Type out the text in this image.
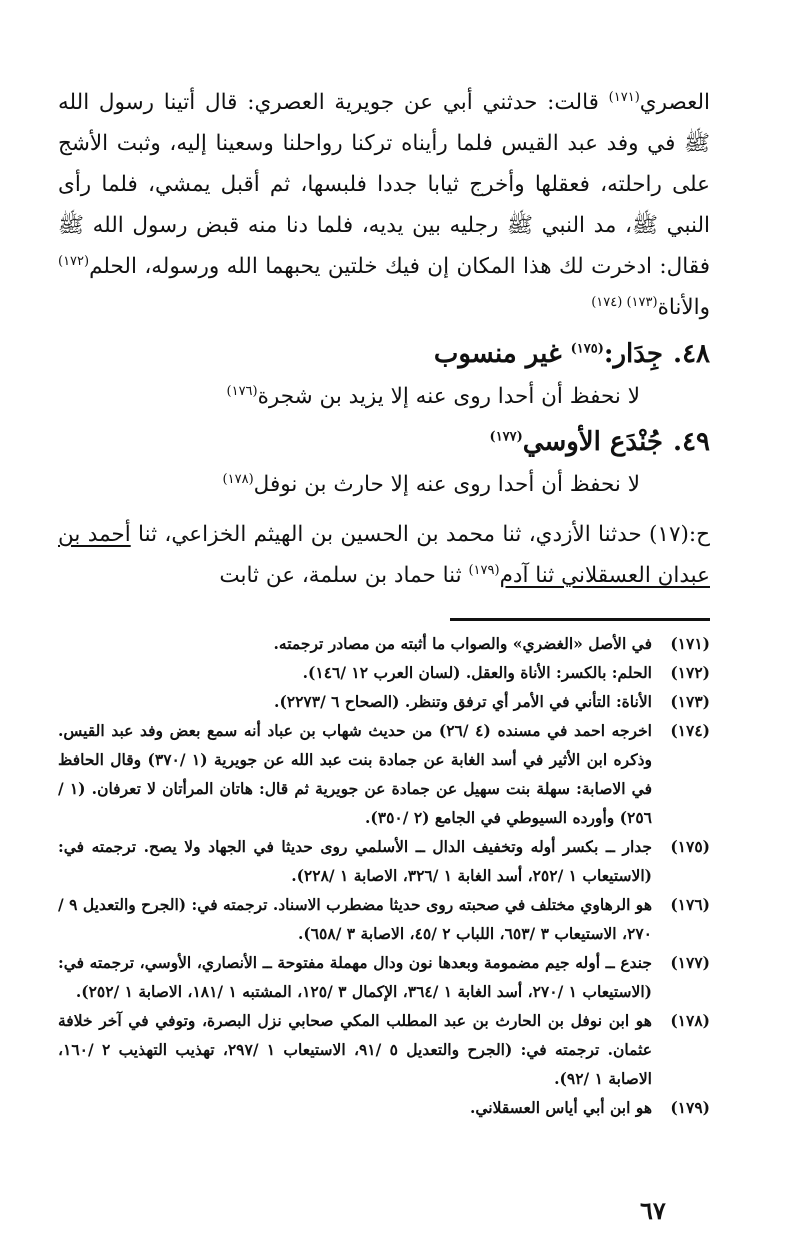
العصري$^{(١٧١)}$ قالت: حدثني أبي عن جويرية العصري: قال أتينا رسول الله ﷺ في وفد عبد القيس فلما رأيناه تركنا رواحلنا وسعينا إليه، وثبت الأشج على راحلته، فعقلها وأخرج ثيابا جددا فلبسها، ثم أقبل يمشي، فلما رأى النبي ﷺ، مد النبي ﷺ رجليه بين يديه، فلما دنا منه قبض رسول الله ﷺ فقال: ادخرت لك هذا المكان إن فيك خلتين يحبهما الله ورسوله، الحلم$^{(١٧٢)}$ والأناة$^{(١٧٣)}$ $^{(١٧٤)}$

٤٨.جِدَار:$^{(١٧٥)}$ غير منسوب
لا نحفظ أن أحدا روى عنه إلا يزيد بن شجرة$^{(١٧٦)}$
٤٩.جُنْدَع الأوسي$^{(١٧٧)}$
لا نحفظ أن أحدا روى عنه إلا حارث بن نوفل$^{(١٧٨)}$

ح:(١٧) حدثنا الأزدي، ثنا محمد بن الحسين بن الهيثم الخزاعي، ثنا أحمد بن عبدان العسقلاني ثنا آدم$^{(١٧٩)}$ ثنا حماد بن سلمة، عن ثابت

(١٧١)
في الأصل «الغضري» والصواب ما أثبته من مصادر ترجمته.
(١٧٢)
الحلم: بالكسر: الأناة والعقل. (لسان العرب ١٢ /١٤٦).
(١٧٣)
الأناة: التأني في الأمر أي ترفق وتنظر. (الصحاح ٦ /٢٢٧٣).
(١٧٤)
اخرجه احمد في مسنده (٤ /٢٦) من حديث شهاب بن عباد أنه سمع بعض وفد عبد القيس. وذكره ابن الأثير في أسد الغابة عن جمادة بنت عبد الله عن جويرية (١ /٣٧٠) وقال الحافظ في الاصابة: سهلة بنت سهيل عن جمادة عن جويرية ثم قال: هاتان المرأتان لا تعرفان. (١ /٢٥٦) وأورده السيوطي في الجامع (٢ /٣٥٠).
(١٧٥)
جدار ــ بكسر أوله وتخفيف الدال ــ الأسلمي روى حديثا في الجهاد ولا يصح. ترجمته في: (الاستيعاب ١ /٢٥٢، أسد الغابة ١ /٣٢٦، الاصابة ١ /٢٢٨).
(١٧٦)
هو الرهاوي مختلف في صحبته روى حديثا مضطرب الاسناد. ترجمته في: (الجرح والتعديل ٩ /٢٧٠، الاستيعاب ٣ /٦٥٣، اللباب ٢ /٤٥، الاصابة ٣ /٦٥٨).
(١٧٧)
جندع ــ أوله جيم مضمومة وبعدها نون ودال مهملة مفتوحة ــ الأنصاري، الأوسي، ترجمته في: (الاستيعاب ١ /٢٧٠، أسد الغابة ١ /٣٦٤، الإكمال ٣ /١٢٥، المشتبه ١ /١٨١، الاصابة ١ /٢٥٢).
(١٧٨)
هو ابن نوفل بن الحارث بن عبد المطلب المكي صحابي نزل البصرة، وتوفي في آخر خلافة عثمان. ترجمته في: (الجرح والتعديل ٥ /٩١، الاستيعاب ١ /٢٩٧، تهذيب التهذيب ٢ /١٦٠، الاصابة ١ /٩٢).
(١٧٩)
هو ابن أبي أياس العسقلاني.
٦٧
